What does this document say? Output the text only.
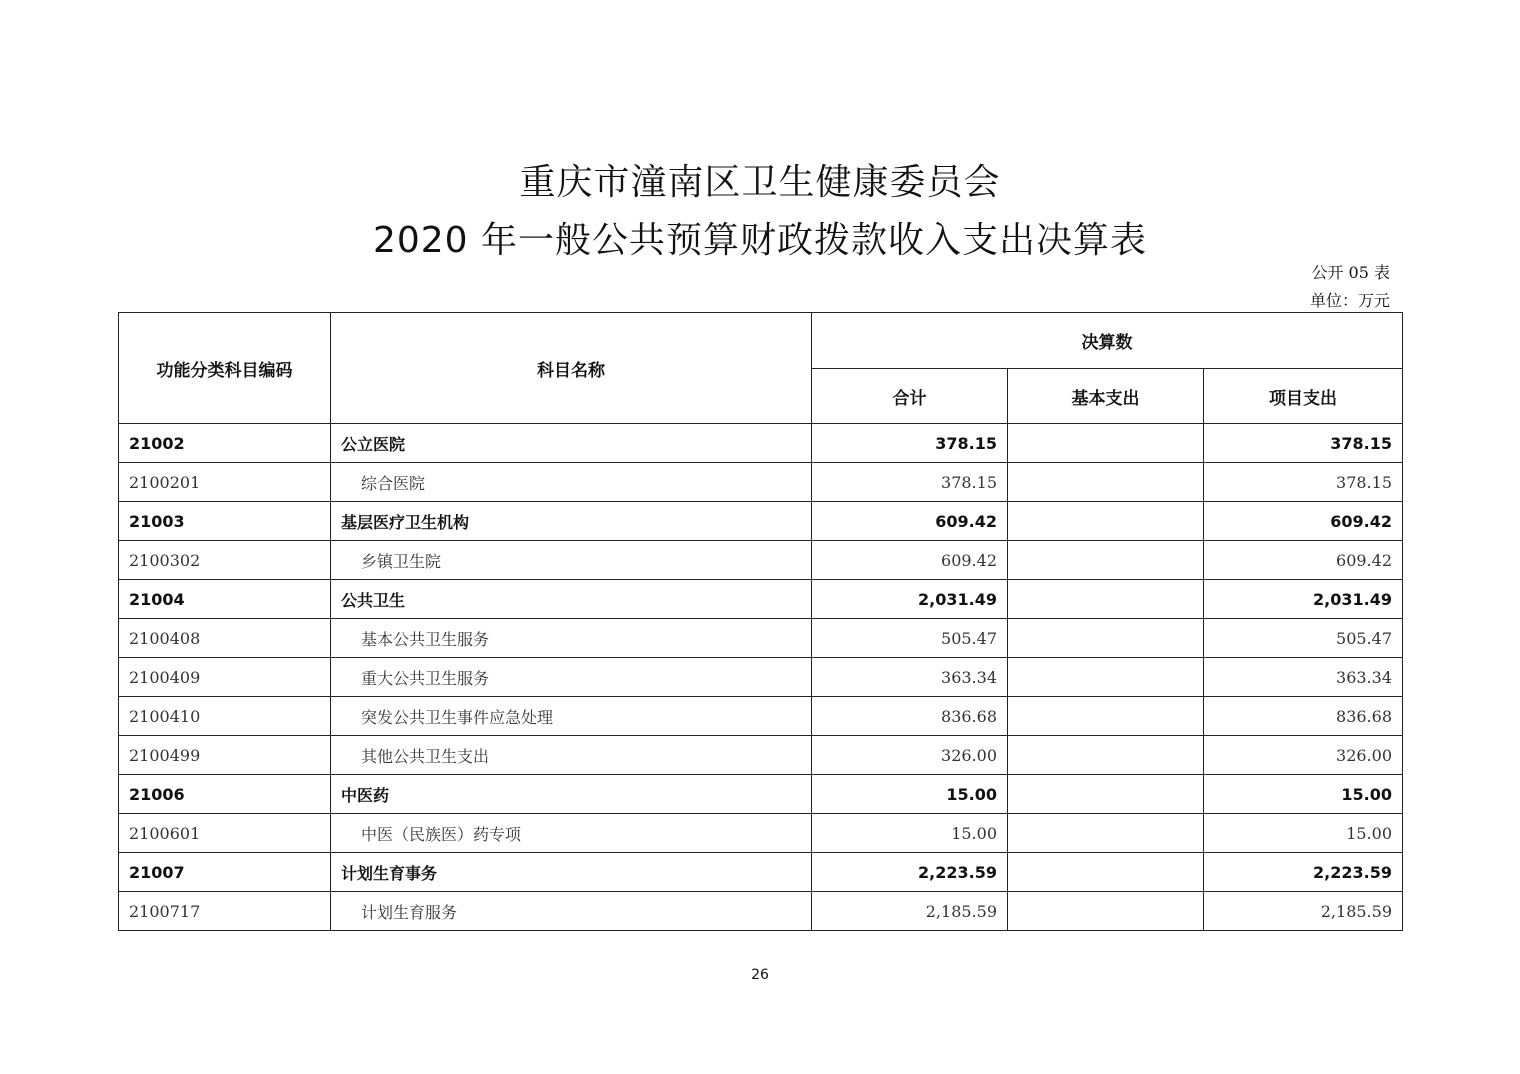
重庆市潼南区卫生健康委员会
2020 年一般公共预算财政拨款收入支出决算表
公开 05 表
单位：万元
功能分类科目编码	科目名称	决算数		
		合计	基本支出	项目支出
21002	公立医院	378.15		378.15
2100201	综合医院	378.15		378.15
21003	基层医疗卫生机构	609.42		609.42
2100302	乡镇卫生院	609.42		609.42
21004	公共卫生	2,031.49		2,031.49
2100408	基本公共卫生服务	505.47		505.47
2100409	重大公共卫生服务	363.34		363.34
2100410	突发公共卫生事件应急处理	836.68		836.68
2100499	其他公共卫生支出	326.00		326.00
21006	中医药	15.00		15.00
2100601	中医（民族医）药专项	15.00		15.00
21007	计划生育事务	2,223.59		2,223.59
2100717	计划生育服务	2,185.59		2,185.59
26
